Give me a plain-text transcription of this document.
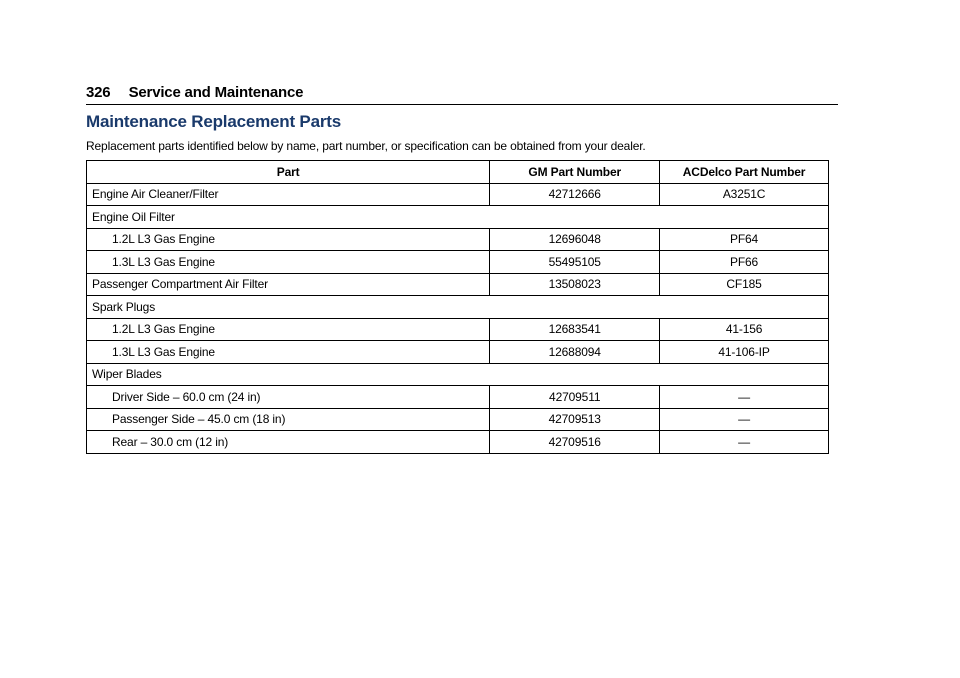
326 Service and Maintenance
Maintenance Replacement Parts
Replacement parts identified below by name, part number, or specification can be obtained from your dealer.
Part	GM Part Number	ACDelco Part Number
Engine Air Cleaner/Filter	42712666	A3251C
Engine Oil Filter		
1.2L L3 Gas Engine	12696048	PF64
1.3L L3 Gas Engine	55495105	PF66
Passenger Compartment Air Filter	13508023	CF185
Spark Plugs		
1.2L L3 Gas Engine	12683541	41-156
1.3L L3 Gas Engine	12688094	41-106-IP
Wiper Blades		
Driver Side – 60.0 cm (24 in)	42709511	—
Passenger Side – 45.0 cm (18 in)	42709513	—
Rear – 30.0 cm (12 in)	42709516	—
